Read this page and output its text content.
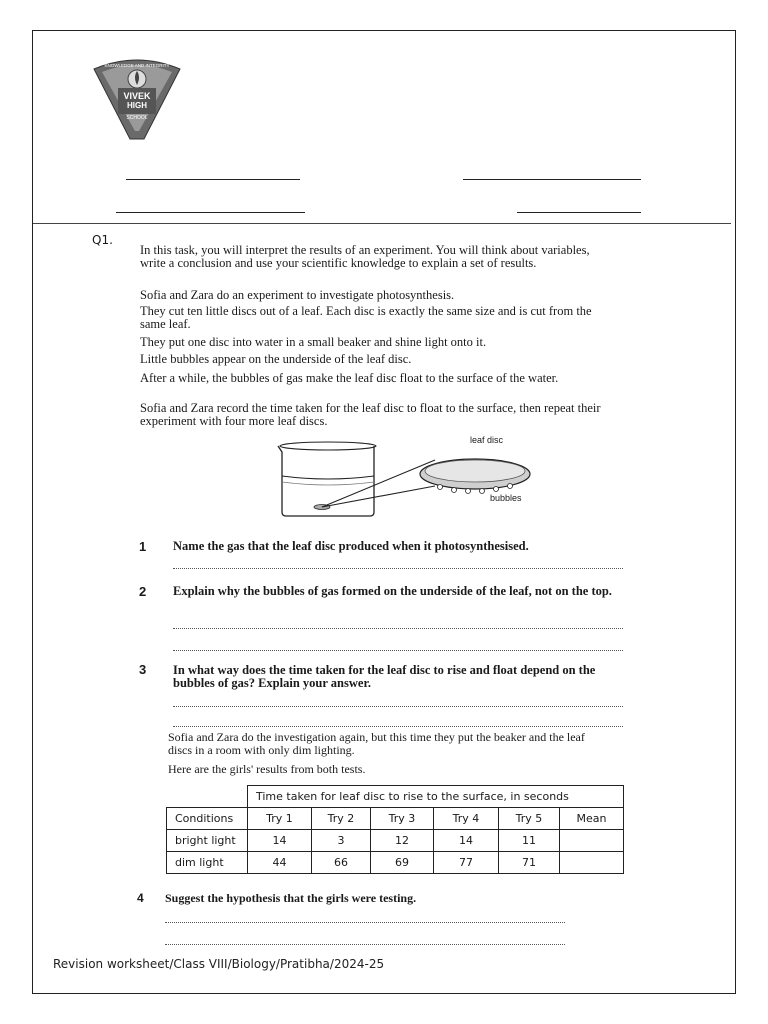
VIVEK
HIGH
SCHOOL
KNOWLEDGE AND INTEGRITY
Q1.
In this task, you will interpret the results of an experiment. You will think about variables, write a conclusion and use your scientific knowledge to explain a set of results.
Sofia and Zara do an experiment to investigate photosynthesis.
They cut ten little discs out of a leaf. Each disc is exactly the same size and is cut from the same leaf.
They put one disc into water in a small beaker and shine light onto it.
Little bubbles appear on the underside of the leaf disc.
After a while, the bubbles of gas make the leaf disc float to the surface of the water.
Sofia and Zara record the time taken for the leaf disc to float to the surface, then repeat their experiment with four more leaf discs.
leaf disc
bubbles
1 Name the gas that the leaf disc produced when it photosynthesised.
2 Explain why the bubbles of gas formed on the underside of the leaf, not on the top.
3 In what way does the time taken for the leaf disc to rise and float depend on the bubbles of gas? Explain your answer.
Sofia and Zara do the investigation again, but this time they put the beaker and the leaf discs in a room with only dim lighting.
Here are the girls' results from both tests.
	Time taken for leaf disc to rise to the surface, in seconds					
Conditions	Try 1	Try 2	Try 3	Try 4	Try 5	Mean
bright light	14	3	12	14	11	
dim light	44	66	69	77	71	
4 Suggest the hypothesis that the girls were testing.
Revision worksheet/Class VIII/Biology/Pratibha/2024-25
